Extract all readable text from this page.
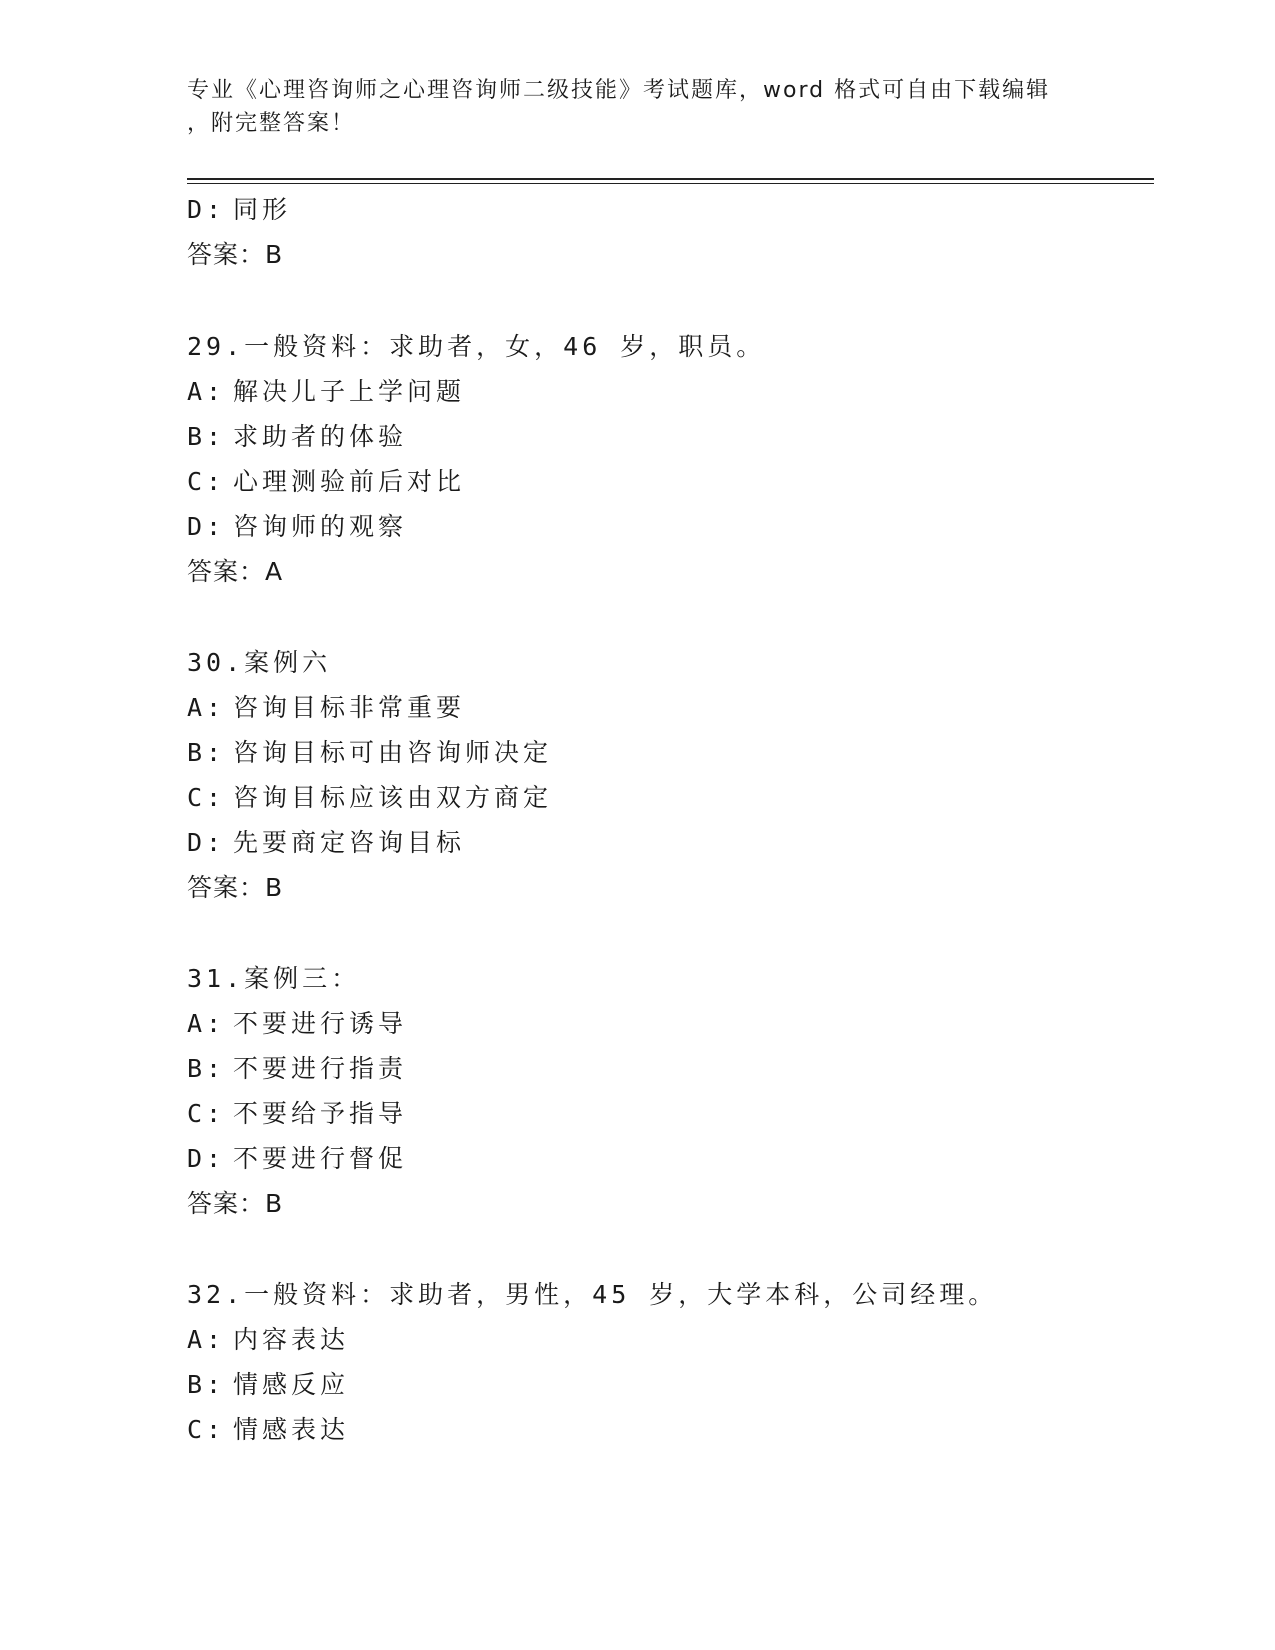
专业《心理咨询师之心理咨询师二级技能》考试题库，word 格式可自由下载编辑
，附完整答案！
D: 同形
答案：B
29.一般资料：求助者，女，46 岁，职员。
A: 解决儿子上学问题
B: 求助者的体验
C: 心理测验前后对比
D: 咨询师的观察
答案：A
30.案例六
A: 咨询目标非常重要
B: 咨询目标可由咨询师决定
C: 咨询目标应该由双方商定
D: 先要商定咨询目标
答案：B
31.案例三：
A: 不要进行诱导
B: 不要进行指责
C: 不要给予指导
D: 不要进行督促
答案：B
32.一般资料：求助者，男性，45 岁，大学本科，公司经理。
A: 内容表达
B: 情感反应
C: 情感表达
